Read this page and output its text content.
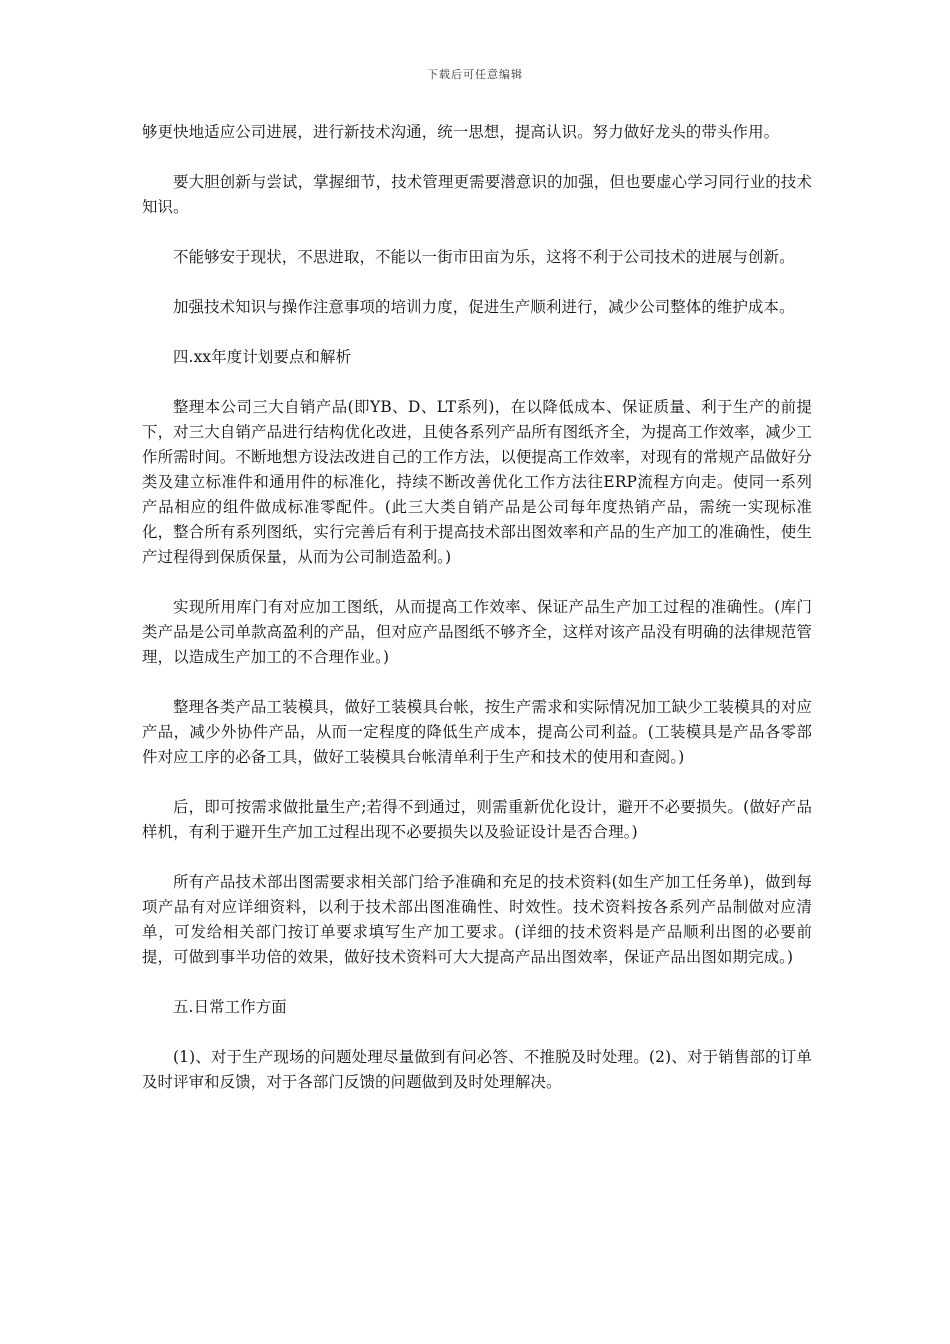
下载后可任意编辑

够更快地适应公司进展，进行新技术沟通，统一思想，提高认识。努力做好龙头的带头作用。

要大胆创新与尝试，掌握细节，技术管理更需要潜意识的加强，但也要虚心学习同行业的技术知识。

不能够安于现状，不思进取，不能以一街市田亩为乐，这将不利于公司技术的进展与创新。

加强技术知识与操作注意事项的培训力度，促进生产顺利进行，减少公司整体的维护成本。

四.xx年度计划要点和解析

整理本公司三大自销产品(即YB、D、LT系列)，在以降低成本、保证质量、利于生产的前提下，对三大自销产品进行结构优化改进，且使各系列产品所有图纸齐全，为提高工作效率，减少工作所需时间。不断地想方设法改进自己的工作方法，以便提高工作效率，对现有的常规产品做好分类及建立标准件和通用件的标准化，持续不断改善优化工作方法往ERP流程方向走。使同一系列产品相应的组件做成标准零配件。(此三大类自销产品是公司每年度热销产品，需统一实现标准化，整合所有系列图纸，实行完善后有利于提高技术部出图效率和产品的生产加工的准确性，使生产过程得到保质保量，从而为公司制造盈利。)

实现所用库门有对应加工图纸，从而提高工作效率、保证产品生产加工过程的准确性。(库门类产品是公司单款高盈利的产品，但对应产品图纸不够齐全，这样对该产品没有明确的法律规范管理，以造成生产加工的不合理作业。)

整理各类产品工装模具，做好工装模具台帐，按生产需求和实际情况加工缺少工装模具的对应产品，减少外协件产品，从而一定程度的降低生产成本，提高公司利益。(工装模具是产品各零部件对应工序的必备工具，做好工装模具台帐清单利于生产和技术的使用和查阅。)

后，即可按需求做批量生产;若得不到通过，则需重新优化设计，避开不必要损失。(做好产品样机，有利于避开生产加工过程出现不必要损失以及验证设计是否合理。)

所有产品技术部出图需要求相关部门给予准确和充足的技术资料(如生产加工任务单)，做到每项产品有对应详细资料，以利于技术部出图准确性、时效性。技术资料按各系列产品制做对应清单，可发给相关部门按订单要求填写生产加工要求。(详细的技术资料是产品顺利出图的必要前提，可做到事半功倍的效果，做好技术资料可大大提高产品出图效率，保证产品出图如期完成。)

五.日常工作方面

(1)、对于生产现场的问题处理尽量做到有问必答、不推脱及时处理。(2)、对于销售部的订单及时评审和反馈，对于各部门反馈的问题做到及时处理解决。
